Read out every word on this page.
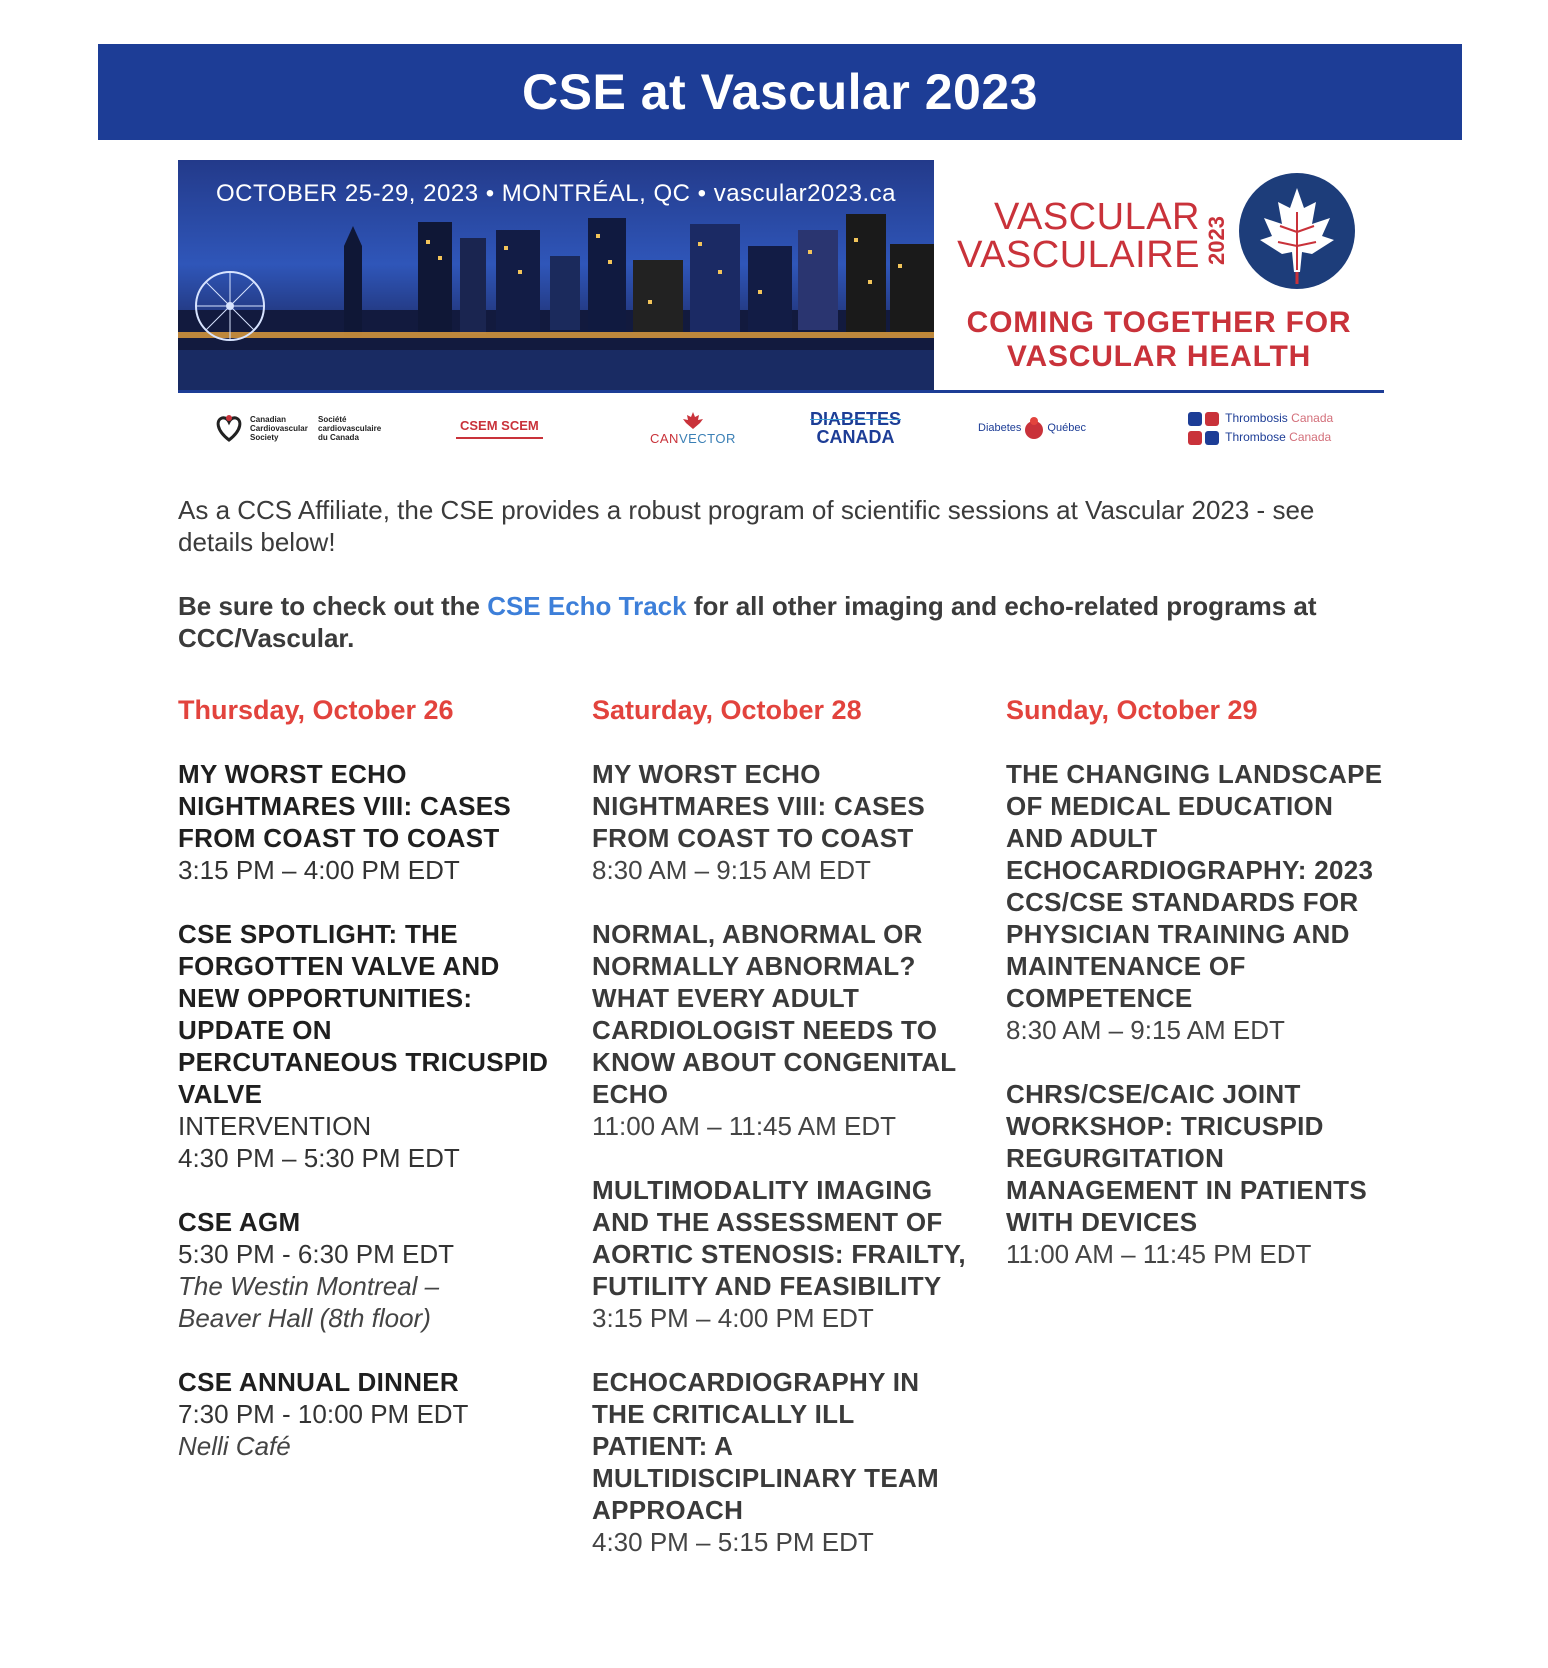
CSE at Vascular 2023
OCTOBER 25-29, 2023 • MONTRÉAL, QC • vascular2023.ca
VASCULAR
VASCULAIRE 2023
COMING TOGETHER FOR
VASCULAR HEALTH
Canadian Cardiovascular Society
Société cardiovasculaire du Canada
CSEM SCEM
CANVECTOR
DIABETES
CANADA	Diabetes Québec
Thrombosis Canada
Thrombose Canada
As a CCS Affiliate, the CSE provides a robust program of scientific sessions at Vascular 2023 - see details below!
Be sure to check out the CSE Echo Track for all other imaging and echo-related programs at CCC/Vascular.
Thursday, October 26
MY WORST ECHO NIGHTMARES VIII: CASES FROM COAST TO COAST
3:15 PM – 4:00 PM EDT
CSE SPOTLIGHT: THE FORGOTTEN VALVE AND NEW OPPORTUNITIES: UPDATE ON PERCUTANEOUS TRICUSPID VALVE
INTERVENTION
4:30 PM – 5:30 PM EDT
CSE AGM
5:30 PM - 6:30 PM EDT
The Westin Montreal –
Beaver Hall (8th floor)
CSE ANNUAL DINNER
7:30 PM - 10:00 PM EDT
Nelli Café
Saturday, October 28
MY WORST ECHO NIGHTMARES VIII: CASES FROM COAST TO COAST
8:30 AM – 9:15 AM EDT
NORMAL, ABNORMAL OR NORMALLY ABNORMAL? WHAT EVERY ADULT CARDIOLOGIST NEEDS TO KNOW ABOUT CONGENITAL ECHO
11:00 AM – 11:45 AM EDT
MULTIMODALITY IMAGING AND THE ASSESSMENT OF AORTIC STENOSIS: FRAILTY, FUTILITY AND FEASIBILITY
3:15 PM – 4:00 PM EDT
ECHOCARDIOGRAPHY IN THE CRITICALLY ILL PATIENT: A MULTIDISCIPLINARY TEAM APPROACH
4:30 PM – 5:15 PM EDT
Sunday, October 29
THE CHANGING LANDSCAPE OF MEDICAL EDUCATION AND ADULT ECHOCARDIOGRAPHY: 2023 CCS/CSE STANDARDS FOR PHYSICIAN TRAINING AND MAINTENANCE OF COMPETENCE
8:30 AM – 9:15 AM EDT
CHRS/CSE/CAIC JOINT WORKSHOP: TRICUSPID REGURGITATION MANAGEMENT IN PATIENTS WITH DEVICES
11:00 AM – 11:45 PM EDT
